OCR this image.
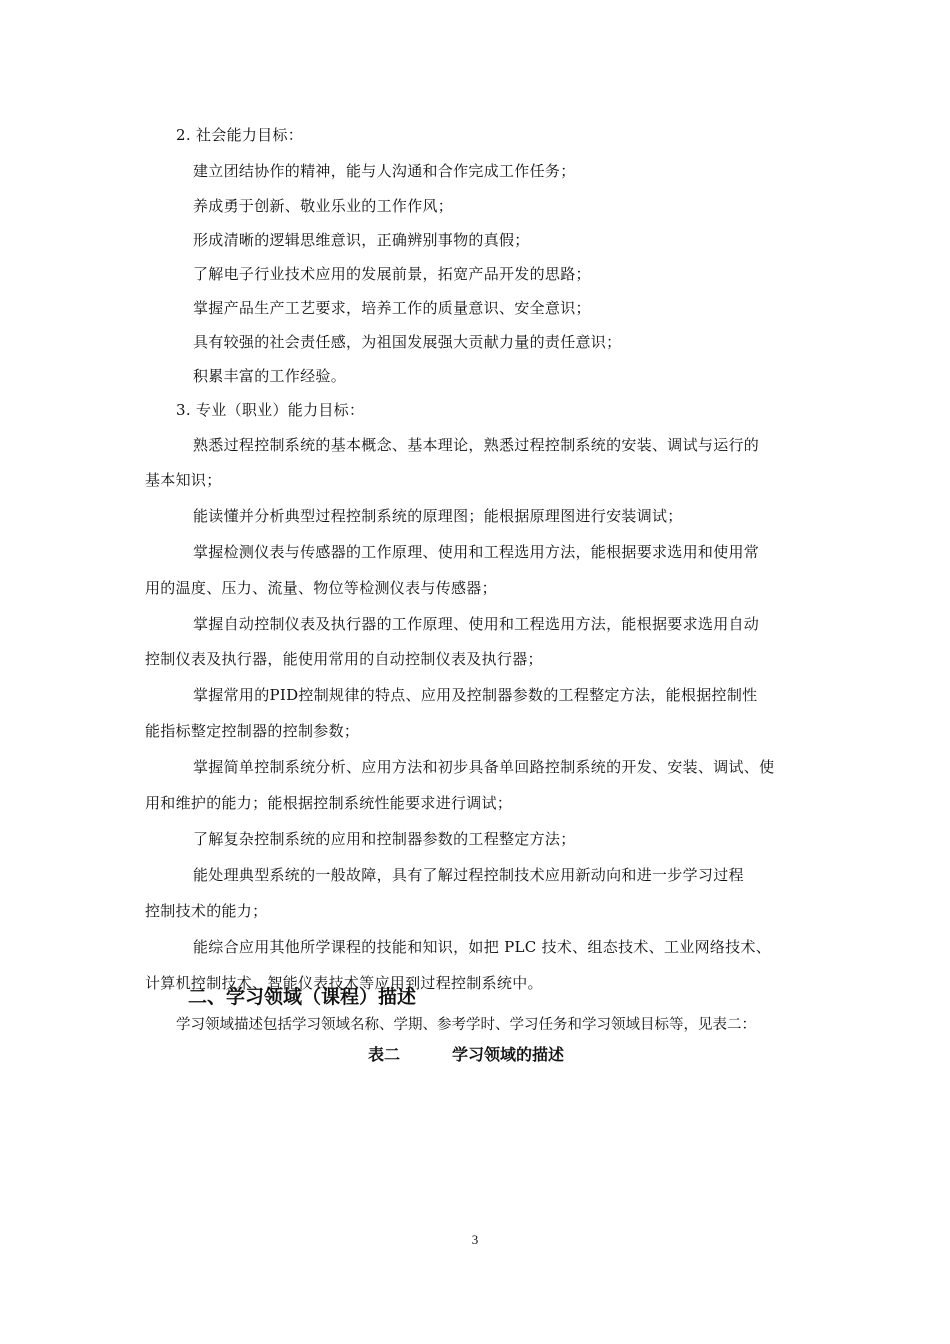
2. 社会能力目标：
建立团结协作的精神，能与人沟通和合作完成工作任务；
养成勇于创新、敬业乐业的工作作风；
形成清晰的逻辑思维意识，正确辨别事物的真假；
了解电子行业技术应用的发展前景，拓宽产品开发的思路；
掌握产品生产工艺要求，培养工作的质量意识、安全意识；
具有较强的社会责任感，为祖国发展强大贡献力量的责任意识；
积累丰富的工作经验。
3. 专业（职业）能力目标：
熟悉过程控制系统的基本概念、基本理论，熟悉过程控制系统的安装、调试与运行的
基本知识；
能读懂并分析典型过程控制系统的原理图；能根据原理图进行安装调试；
掌握检测仪表与传感器的工作原理、使用和工程选用方法，能根据要求选用和使用常
用的温度、压力、流量、物位等检测仪表与传感器；
掌握自动控制仪表及执行器的工作原理、使用和工程选用方法，能根据要求选用自动
控制仪表及执行器，能使用常用的自动控制仪表及执行器；
掌握常用的PID控制规律的特点、应用及控制器参数的工程整定方法，能根据控制性
能指标整定控制器的控制参数；
掌握简单控制系统分析、应用方法和初步具备单回路控制系统的开发、安装、调试、使
用和维护的能力；能根据控制系统性能要求进行调试；
了解复杂控制系统的应用和控制器参数的工程整定方法；
能处理典型系统的一般故障，具有了解过程控制技术应用新动向和进一步学习过程
控制技术的能力；
能综合应用其他所学课程的技能和知识，如把 PLC 技术、组态技术、工业网络技术、
计算机控制技术、智能仪表技术等应用到过程控制系统中。
二、学习领域（课程）描述
学习领域描述包括学习领域名称、学期、参考学时、学习任务和学习领域目标等，见表二：
表二	学习领域的描述
3
